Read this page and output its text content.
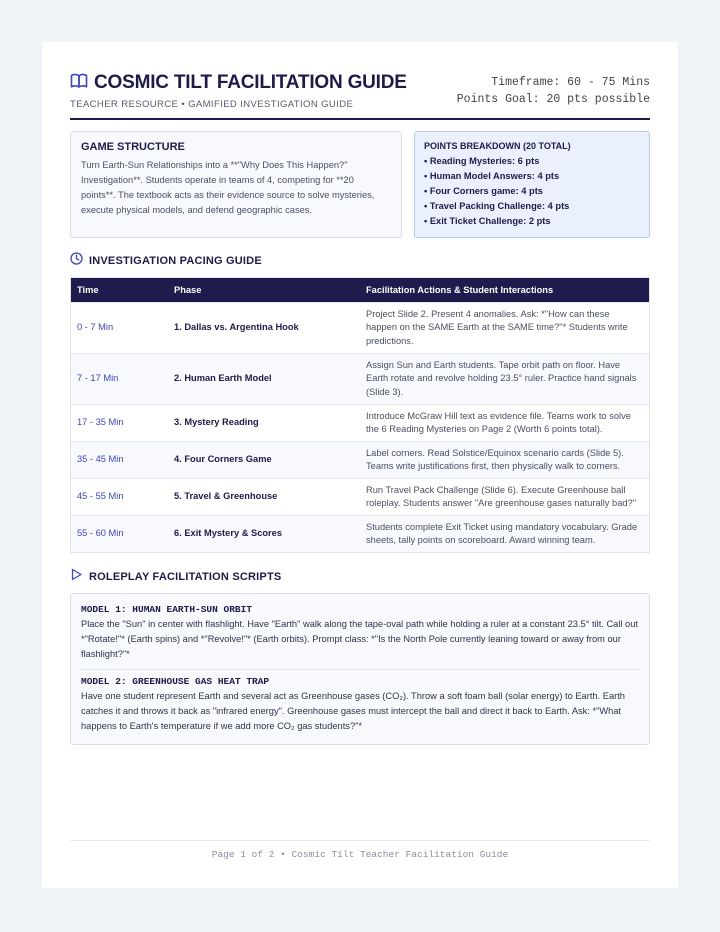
COSMIC TILT FACILITATION GUIDE
TEACHER RESOURCE • GAMIFIED INVESTIGATION GUIDE
Timeframe: 60 - 75 Mins
Points Goal: 20 pts possible
GAME STRUCTURE
Turn Earth-Sun Relationships into a **"Why Does This Happen?" Investigation**. Students operate in teams of 4, competing for **20 points**. The textbook acts as their evidence source to solve mysteries, execute physical models, and defend geographic cases.
POINTS BREAKDOWN (20 TOTAL)
• Reading Mysteries: 6 pts
• Human Model Answers: 4 pts
• Four Corners game: 4 pts
• Travel Packing Challenge: 4 pts
• Exit Ticket Challenge: 2 pts
INVESTIGATION PACING GUIDE
Time	Phase	Facilitation Actions & Student Interactions
0 - 7 Min	1. Dallas vs. Argentina Hook	Project Slide 2. Present 4 anomalies. Ask: *"How can these happen on the SAME Earth at the SAME time?"* Students write predictions.
7 - 17 Min	2. Human Earth Model	Assign Sun and Earth students. Tape orbit path on floor. Have Earth rotate and revolve holding 23.5° ruler. Practice hand signals (Slide 3).
17 - 35 Min	3. Mystery Reading	Introduce McGraw Hill text as evidence file. Teams work to solve the 6 Reading Mysteries on Page 2 (Worth 6 points total).
35 - 45 Min	4. Four Corners Game	Label corners. Read Solstice/Equinox scenario cards (Slide 5). Teams write justifications first, then physically walk to corners.
45 - 55 Min	5. Travel & Greenhouse	Run Travel Pack Challenge (Slide 6). Execute Greenhouse ball roleplay. Students answer "Are greenhouse gases naturally bad?"
55 - 60 Min	6. Exit Mystery & Scores	Students complete Exit Ticket using mandatory vocabulary. Grade sheets, tally points on scoreboard. Award winning team.
ROLEPLAY FACILITATION SCRIPTS
MODEL 1: HUMAN EARTH-SUN ORBIT
Place the "Sun" in center with flashlight. Have "Earth" walk along the tape-oval path while holding a ruler at a constant 23.5° tilt. Call out *"Rotate!"* (Earth spins) and *"Revolve!"* (Earth orbits). Prompt class: *"Is the North Pole currently leaning toward or away from our flashlight?"*
MODEL 2: GREENHOUSE GAS HEAT TRAP
Have one student represent Earth and several act as Greenhouse gases (CO₂). Throw a soft foam ball (solar energy) to Earth. Earth catches it and throws it back as "infrared energy". Greenhouse gases must intercept the ball and direct it back to Earth. Ask: *"What happens to Earth's temperature if we add more CO₂ gas students?"*
Page 1 of 2 • Cosmic Tilt Teacher Facilitation Guide
